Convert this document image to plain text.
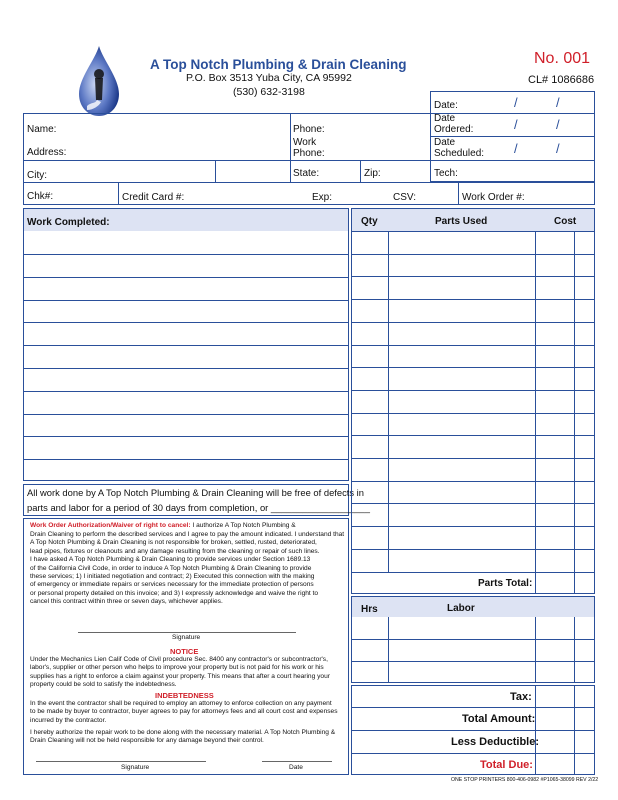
A Top Notch Plumbing & Drain Cleaning
P.O. Box 3513 Yuba City, CA 95992
(530) 632-3198
No. 001
CL# 1086686
Date:	/	/
Date
Ordered:	/	/
Date
Scheduled: /	/
Name:	Phone:
Work
Phone:
Address:
City:	State:	Zip:	Tech:
Chk#:	Credit Card #:	Exp:	CSV:	Work Order #:
Work Completed:
All work done by A Top Notch Plumbing & Drain Cleaning will be free of defects in
parts and labor for a period of 30 days from completion, or ___________________
Qty	Parts Used	Cost
Parts Total:
Hrs	Labor
Tax:
Total Amount:
Less Deductible:
Total Due:
Work Order Authorization/Waiver of right to cancel: I authorize A Top Notch Plumbing &
Drain Cleaning to perform the described services and I agree to pay the amount indicated. I understand that
A Top Notch Plumbing & Drain Cleaning is not responsible for broken, settled, rusted, deteriorated,
lead pipes, fixtures or cleanouts and any damage resulting from the cleaning or repair of such lines.
I have asked A Top Notch Plumbing & Drain Cleaning to provide services under Section 1689.13
of the California Civil Code, in order to induce A Top Notch Plumbing & Drain Cleaning to provide
these services; 1) I initiated negotiation and contract; 2) Executed this connection with the making
of emergency or immediate repairs or services necessary for the immediate protection of persons
or personal property detailed on this invoice; and 3) I expressly acknowledge and waive the right to
cancel this contract within three or seven days, whichever applies.
Signature
NOTICE
Under the Mechanics Lien Calif Code of Civil procedure Sec. 8400 any contractor's or subcontractor's,
labor's, supplier or other person who helps to improve your property but is not paid for his work or his
supplies has a right to enforce a claim against your property. This means that after a court hearing your
property could be sold to satisfy the indebtedness.
INDEBTEDNESS
In the event the contractor shall be required to employ an attorney to enforce collection on any payment
to be made by buyer to contractor, buyer agrees to pay for attorneys fees and all court cost and expenses
incurred by the contractor.
I hereby authorize the repair work to be done along with the necessary material. A Top Notch Plumbing &
Drain Cleaning will not be held responsible for any damage beyond their control.
Signature	Date
ONE STOP PRINTERS 800-406-0982 #P1065-38099 REV 2/22
